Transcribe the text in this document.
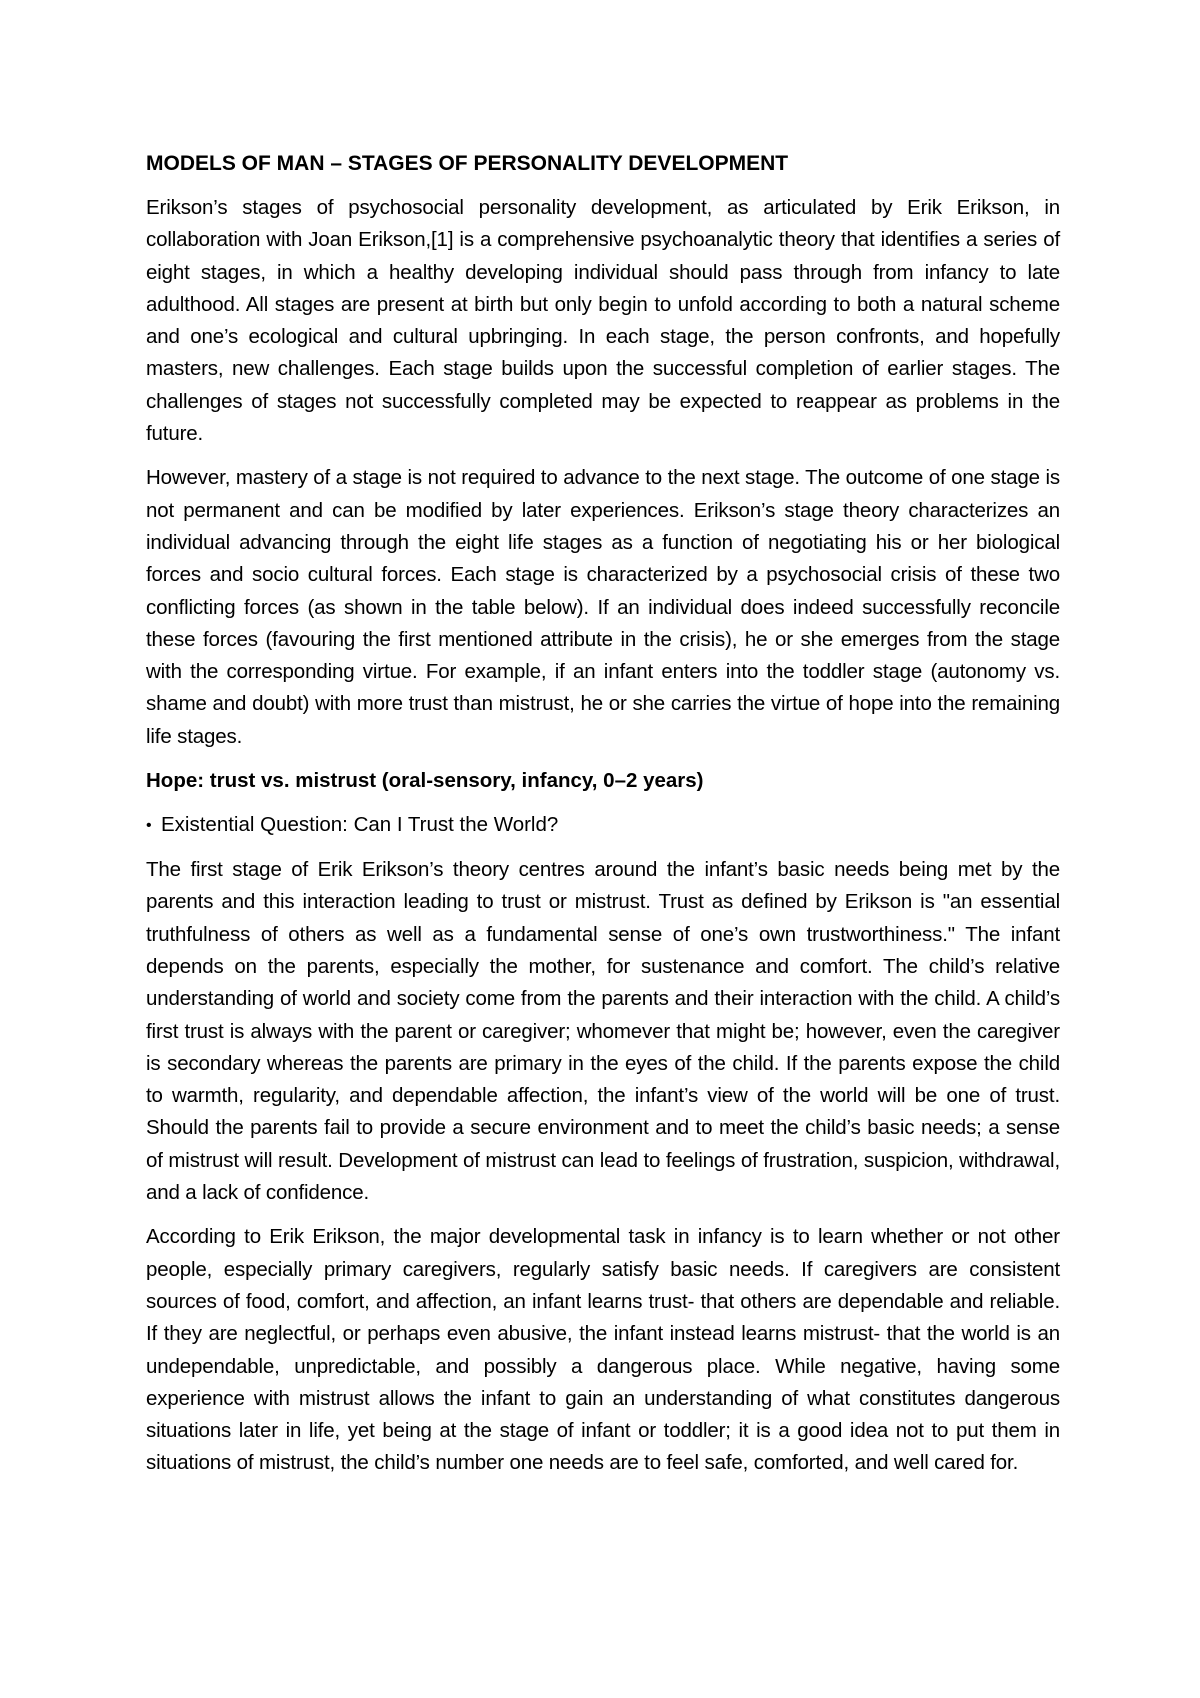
MODELS OF MAN – STAGES OF PERSONALITY DEVELOPMENT

Erikson’s stages of psychosocial personality development, as articulated by Erik Erikson, in collaboration with Joan Erikson,[1] is a comprehensive psychoanalytic theory that identifies a series of eight stages, in which a healthy developing individual should pass through from infancy to late adulthood. All stages are present at birth but only begin to unfold according to both a natural scheme and one’s ecological and cultural upbringing. In each stage, the person confronts, and hopefully masters, new challenges. Each stage builds upon the successful completion of earlier stages. The challenges of stages not successfully completed may be expected to reappear as problems in the future.

However, mastery of a stage is not required to advance to the next stage. The outcome of one stage is not permanent and can be modified by later experiences. Erikson’s stage theory characterizes an individual advancing through the eight life stages as a function of negotiating his or her biological forces and socio cultural forces. Each stage is characterized by a psychosocial crisis of these two conflicting forces (as shown in the table below). If an individual does indeed successfully reconcile these forces (favouring the first mentioned attribute in the crisis), he or she emerges from the stage with the corresponding virtue. For example, if an infant enters into the toddler stage (autonomy vs. shame and doubt) with more trust than mistrust, he or she carries the virtue of hope into the remaining life stages.

Hope: trust vs. mistrust (oral-sensory, infancy, 0–2 years)
• Existential Question: Can I Trust the World?

The first stage of Erik Erikson’s theory centres around the infant’s basic needs being met by the parents and this interaction leading to trust or mistrust. Trust as defined by Erikson is "an essential truthfulness of others as well as a fundamental sense of one’s own trustworthiness." The infant depends on the parents, especially the mother, for sustenance and comfort. The child’s relative understanding of world and society come from the parents and their interaction with the child. A child’s first trust is always with the parent or caregiver; whomever that might be; however, even the caregiver is secondary whereas the parents are primary in the eyes of the child. If the parents expose the child to warmth, regularity, and dependable affection, the infant’s view of the world will be one of trust. Should the parents fail to provide a secure environment and to meet the child’s basic needs; a sense of mistrust will result. Development of mistrust can lead to feelings of frustration, suspicion, withdrawal, and a lack of confidence.

According to Erik Erikson, the major developmental task in infancy is to learn whether or not other people, especially primary caregivers, regularly satisfy basic needs. If caregivers are consistent sources of food, comfort, and affection, an infant learns trust- that others are dependable and reliable. If they are neglectful, or perhaps even abusive, the infant instead learns mistrust- that the world is an undependable, unpredictable, and possibly a dangerous place. While negative, having some experience with mistrust allows the infant to gain an understanding of what constitutes dangerous situations later in life, yet being at the stage of infant or toddler; it is a good idea not to put them in situations of mistrust, the child’s number one needs are to feel safe, comforted, and well cared for.
